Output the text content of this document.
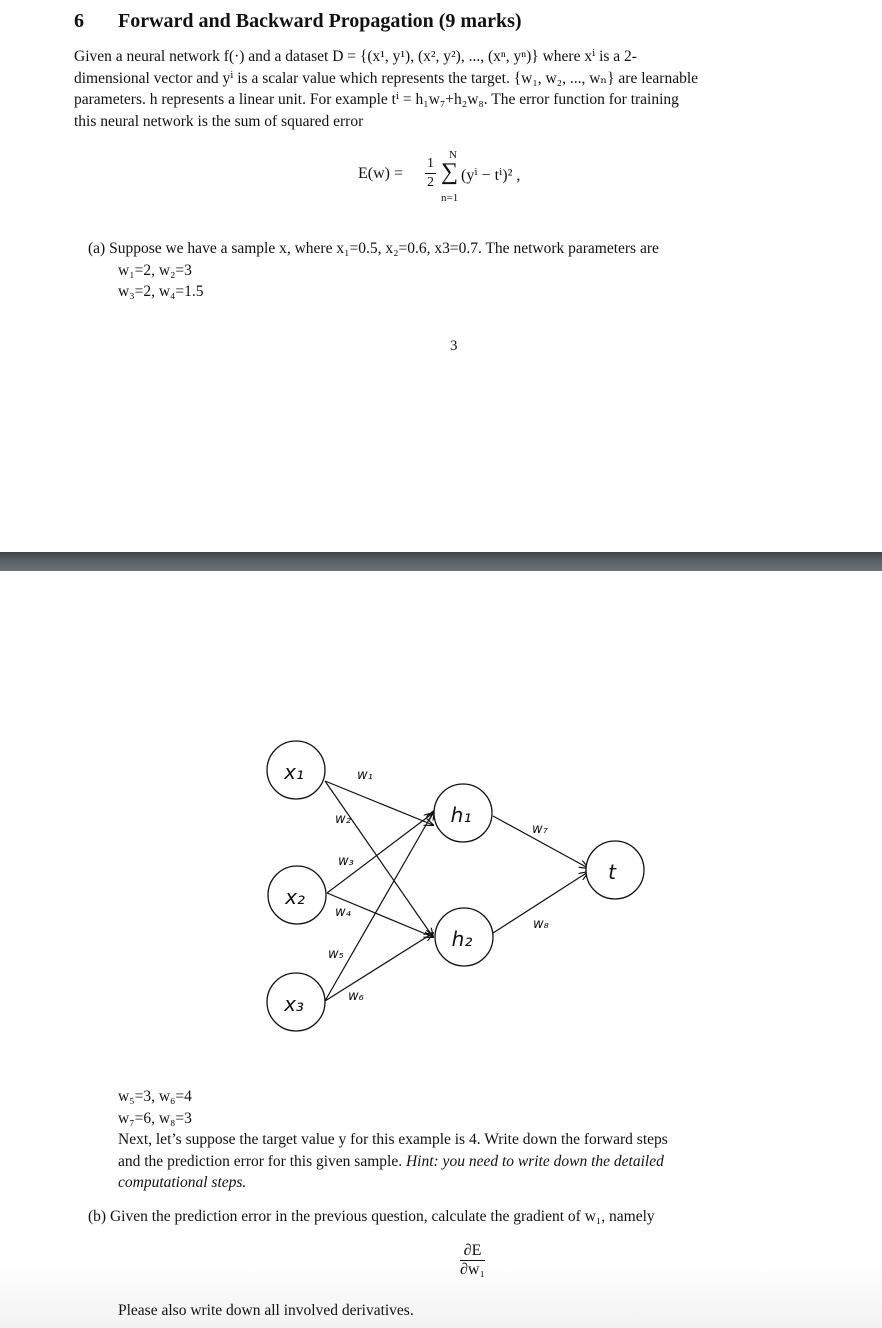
6 Forward and Backward Propagation (9 marks)
Given a neural network f(·) and a dataset D = {(x¹, y¹), (x², y²), ..., (xⁿ, yⁿ)} where xⁱ is a 2-
dimensional vector and yⁱ is a scalar value which represents the target. {w₁, w₂, ..., wₙ} are learnable
parameters. h represents a linear unit. For example tⁱ = h₁w₇+h₂w₈. The error function for training
this neural network is the sum of squared error
$E(w) = \frac{1}{2}$ N
∑
n=1
(yⁱ − tⁱ)² ,
(a) Suppose we have a sample x, where x₁=0.5, x₂=0.6, x3=0.7. The network parameters are
w₁=2, w₂=3
w₃=2, w₄=1.5
3
x₁
x₂
x₃
h₁
h₂
t
w₁
w₂
w₃
w₄
w₅
w₆
w₇
w₈
w₅=3, w₆=4
w₇=6, w₈=3
Next, let’s suppose the target value y for this example is 4. Write down the forward steps
and the prediction error for this given sample. Hint: you need to write down the detailed
computational steps.
(b) Given the prediction error in the previous question, calculate the gradient of w₁, namely
$\frac{\partial E}{\text{∂w₁}}$
Please also write down all involved derivatives.
